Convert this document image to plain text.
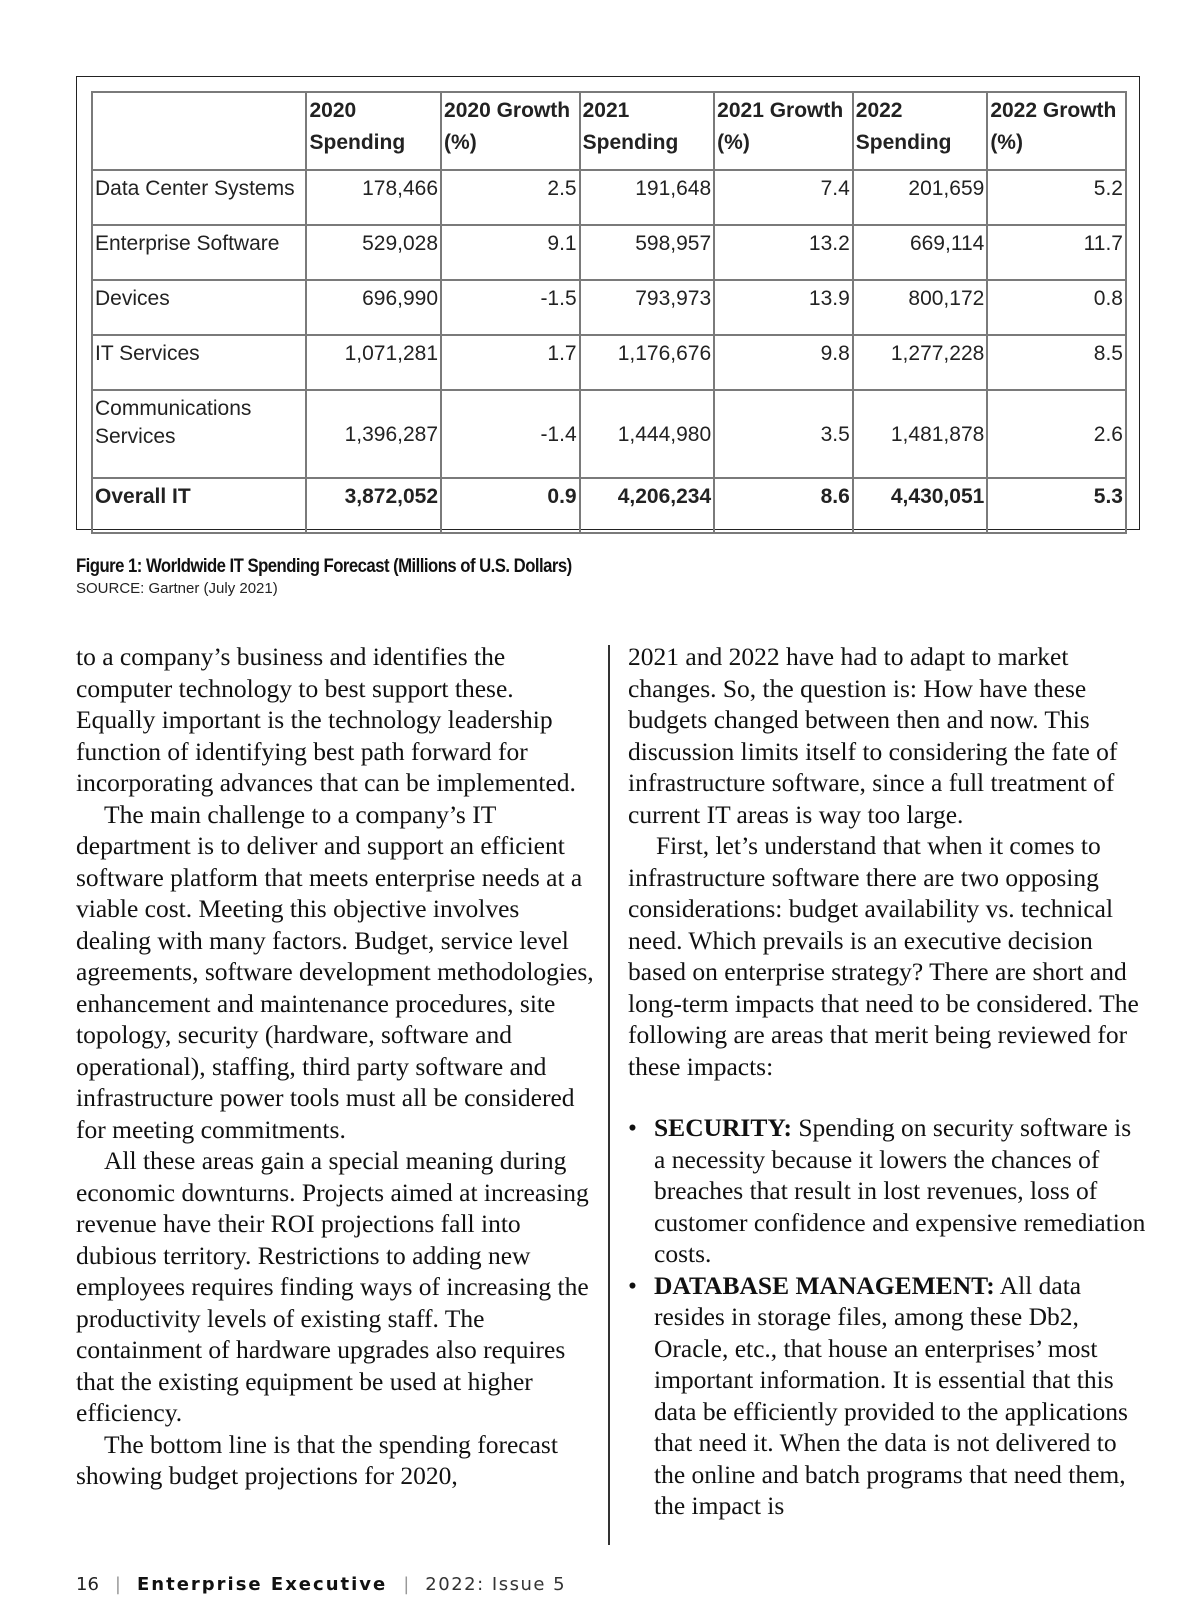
	2020 Spending	2020 Growth (%)	2021 Spending	2021 Growth (%)	2022 Spending	2022 Growth (%)
Data Center Systems	178,466	2.5	191,648	7.4	201,659	5.2
Enterprise Software	529,028	9.1	598,957	13.2	669,114	11.7
Devices	696,990	-1.5	793,973	13.9	800,172	0.8
IT Services	1,071,281	1.7	1,176,676	9.8	1,277,228	8.5
Communications Services	1,396,287	-1.4	1,444,980	3.5	1,481,878	2.6
Overall IT	3,872,052	0.9	4,206,234	8.6	4,430,051	5.3
Figure 1: Worldwide IT Spending Forecast (Millions of U.S. Dollars)
SOURCE: Gartner (July 2021)

to a company’s business and identifies the computer technology to best support these. Equally important is the technology leadership function of identifying best path forward for incorporating advances that can be implemented.

The main challenge to a company’s IT department is to deliver and support an efficient software platform that meets enterprise needs at a viable cost. Meeting this objective involves dealing with many factors. Budget, service level agreements, software development methodologies, enhancement and maintenance procedures, site topology, security (hardware, software and operational), staffing, third party software and infrastructure power tools must all be considered for meeting commitments.

All these areas gain a special meaning during economic downturns. Projects aimed at increasing revenue have their ROI projections fall into dubious territory. Restrictions to adding new employees requires finding ways of increasing the productivity levels of existing staff. The containment of hardware upgrades also requires that the existing equipment be used at higher efficiency.

The bottom line is that the spending forecast showing budget projections for 2020,

2021 and 2022 have had to adapt to market changes. So, the question is: How have these budgets changed between then and now. This discussion limits itself to considering the fate of infrastructure software, since a full treatment of current IT areas is way too large.

First, let’s understand that when it comes to infrastructure software there are two opposing considerations: budget availability vs. technical need. Which prevails is an executive decision based on enterprise strategy? There are short and long-term impacts that need to be considered. The following are areas that merit being reviewed for these impacts:

• SECURITY: Spending on security software is a necessity because it lowers the chances of breaches that result in lost revenues, loss of customer confidence and expensive remediation costs.
• DATABASE MANAGEMENT: All data resides in storage files, among these Db2, Oracle, etc., that house an enterprises’ most important information. It is essential that this data be efficiently provided to the applications that need it. When the data is not delivered to the online and batch programs that need them, the impact is
16 | Enterprise Executive | 2022: Issue 5
